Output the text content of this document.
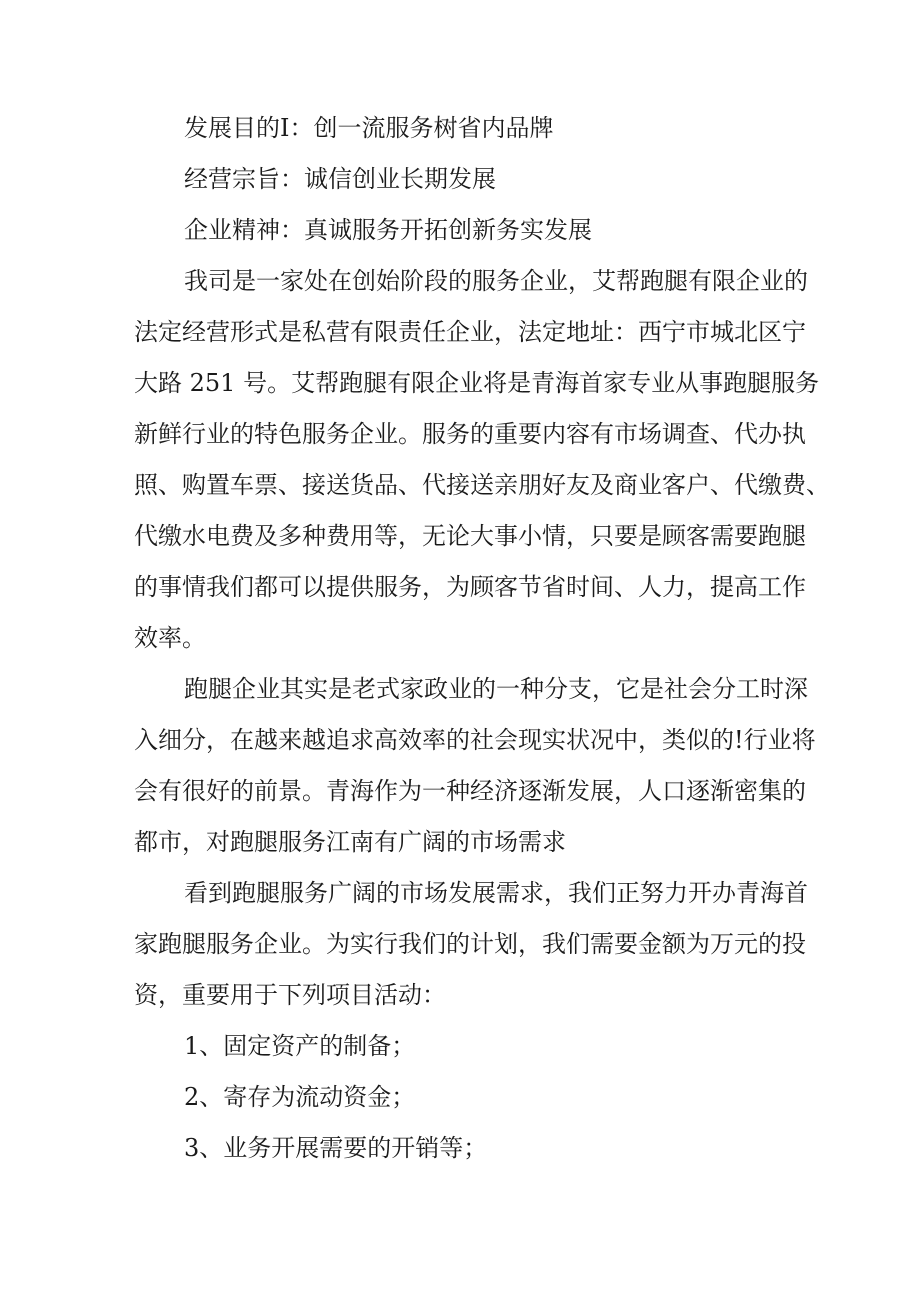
发展目的Ⅰ：创一流服务树省内品牌
经营宗旨：诚信创业长期发展
企业精神：真诚服务开拓创新务实发展
我司是一家处在创始阶段的服务企业，艾帮跑腿有限企业的
法定经营形式是私营有限责任企业，法定地址：西宁市城北区宁
大路 251 号。艾帮跑腿有限企业将是青海首家专业从事跑腿服务
新鲜行业的特色服务企业。服务的重要内容有市场调查、代办执
照、购置车票、接送货品、代接送亲朋好友及商业客户、代缴费、
代缴水电费及多种费用等，无论大事小情，只要是顾客需要跑腿
的事情我们都可以提供服务，为顾客节省时间、人力，提高工作
效率。
跑腿企业其实是老式家政业的一种分支，它是社会分工时深
入细分，在越来越追求高效率的社会现实状况中，类似的!行业将
会有很好的前景。青海作为一种经济逐渐发展，人口逐渐密集的
都市，对跑腿服务江南有广阔的市场需求
看到跑腿服务广阔的市场发展需求，我们正努力开办青海首
家跑腿服务企业。为实行我们的计划，我们需要金额为万元的投
资，重要用于下列项目活动：
1、固定资产的制备；
2、寄存为流动资金；
3、业务开展需要的开销等；
